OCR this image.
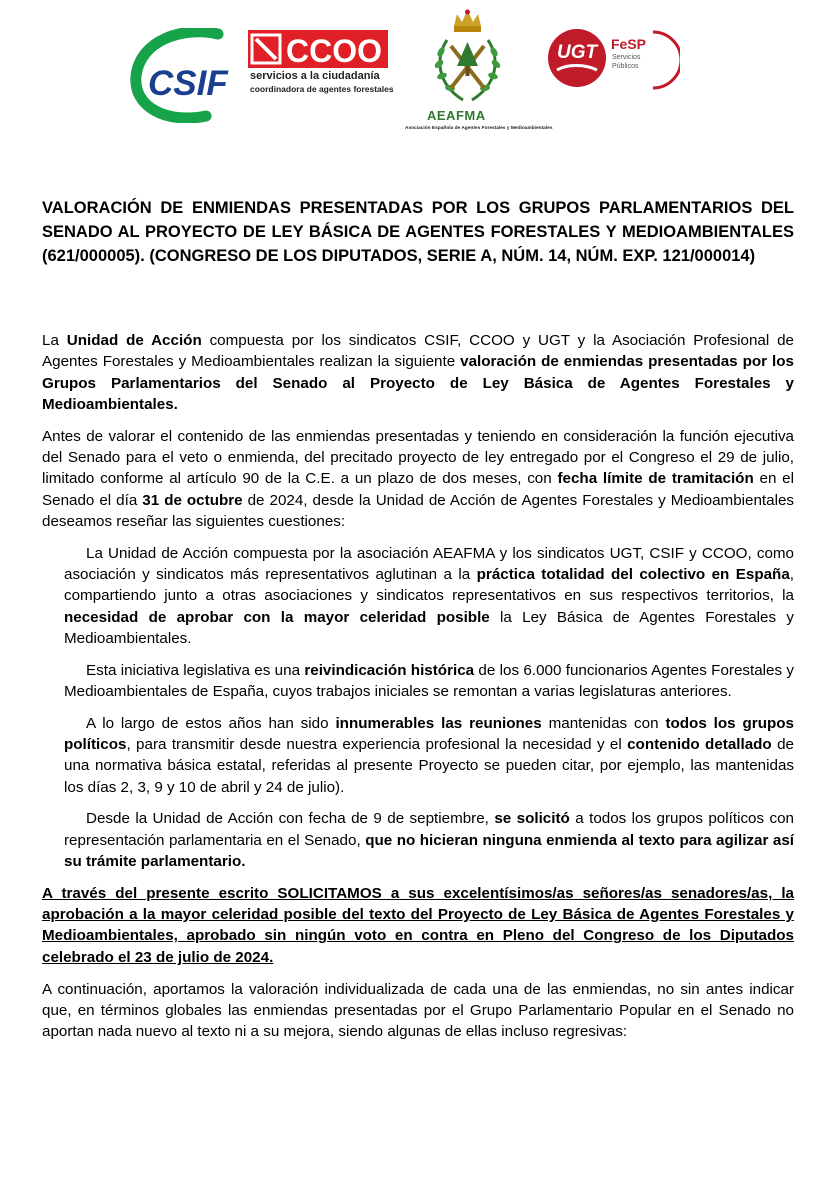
CSIF
CCOO
servicios a la ciudadanía
coordinadora de agentes forestales
AEAFMA
Asociación Española de Agentes Forestales y Medioambientales
UGT FeSP
Servicios
Públicos
VALORACIÓN DE ENMIENDAS PRESENTADAS POR LOS GRUPOS PARLAMENTARIOS DEL SENADO AL PROYECTO DE LEY BÁSICA DE AGENTES FORESTALES Y MEDIOAMBIENTALES (621/000005). (CONGRESO DE LOS DIPUTADOS, SERIE A, NÚM. 14, NÚM. EXP. 121/000014)

La Unidad de Acción compuesta por los sindicatos CSIF, CCOO y UGT y la Asociación Profesional de Agentes Forestales y Medioambientales realizan la siguiente valoración de enmiendas presentadas por los Grupos Parlamentarios del Senado al Proyecto de Ley Básica de Agentes Forestales y Medioambientales.

Antes de valorar el contenido de las enmiendas presentadas y teniendo en consideración la función ejecutiva del Senado para el veto o enmienda, del precitado proyecto de ley entregado por el Congreso el 29 de julio, limitado conforme al artículo 90 de la C.E. a un plazo de dos meses, con fecha límite de tramitación en el Senado el día 31 de octubre de 2024, desde la Unidad de Acción de Agentes Forestales y Medioambientales deseamos reseñar las siguientes cuestiones:

La Unidad de Acción compuesta por la asociación AEAFMA y los sindicatos UGT, CSIF y CCOO, como asociación y sindicatos más representativos aglutinan a la práctica totalidad del colectivo en España, compartiendo junto a otras asociaciones y sindicatos representativos en sus respectivos territorios, la necesidad de aprobar con la mayor celeridad posible la Ley Básica de Agentes Forestales y Medioambientales.

Esta iniciativa legislativa es una reivindicación histórica de los 6.000 funcionarios Agentes Forestales y Medioambientales de España, cuyos trabajos iniciales se remontan a varias legislaturas anteriores.

A lo largo de estos años han sido innumerables las reuniones mantenidas con todos los grupos políticos, para transmitir desde nuestra experiencia profesional la necesidad y el contenido detallado de una normativa básica estatal, referidas al presente Proyecto se pueden citar, por ejemplo, las mantenidas los días 2, 3, 9 y 10 de abril y 24 de julio).

Desde la Unidad de Acción con fecha de 9 de septiembre, se solicitó a todos los grupos políticos con representación parlamentaria en el Senado, que no hicieran ninguna enmienda al texto para agilizar así su trámite parlamentario.

A través del presente escrito SOLICITAMOS a sus excelentísimos/as señores/as senadores/as, la aprobación a la mayor celeridad posible del texto del Proyecto de Ley Básica de Agentes Forestales y Medioambientales, aprobado sin ningún voto en contra en Pleno del Congreso de los Diputados celebrado el 23 de julio de 2024.

A continuación, aportamos la valoración individualizada de cada una de las enmiendas, no sin antes indicar que, en términos globales las enmiendas presentadas por el Grupo Parlamentario Popular en el Senado no aportan nada nuevo al texto ni a su mejora, siendo algunas de ellas incluso regresivas:
